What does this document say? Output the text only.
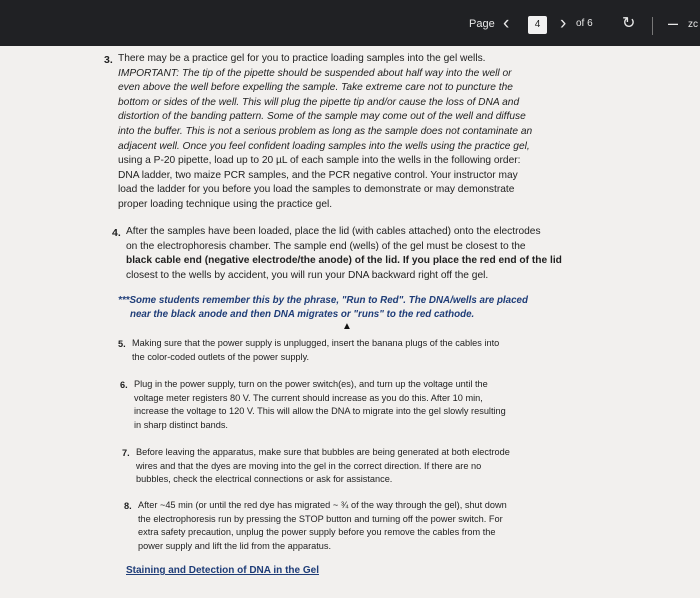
Page ‹	4	› of 6 ↻ – zc
3. There may be a practice gel for you to practice loading samples into the gel wells.
IMPORTANT: The tip of the pipette should be suspended about half way into the well or
even above the well before expelling the sample. Take extreme care not to puncture the
bottom or sides of the well. This will plug the pipette tip and/or cause the loss of DNA and
distortion of the banding pattern. Some of the sample may come out of the well and diffuse
into the buffer. This is not a serious problem as long as the sample does not contaminate an
adjacent well. Once you feel confident loading samples into the wells using the practice gel,
using a P-20 pipette, load up to 20 µL of each sample into the wells in the following order:
DNA ladder, two maize PCR samples, and the PCR negative control. Your instructor may
load the ladder for you before you load the samples to demonstrate or may demonstrate
proper loading technique using the practice gel.
4. After the samples have been loaded, place the lid (with cables attached) onto the electrodes
on the electrophoresis chamber. The sample end (wells) of the gel must be closest to the
black cable end (negative electrode/the anode) of the lid. If you place the red end of the lid
closest to the wells by accident, you will run your DNA backward right off the gel.
***Some students remember this by the phrase, "Run to Red". The DNA/wells are placed
near the black anode and then DNA migrates or "runs" to the red cathode.
▲
5. Making sure that the power supply is unplugged, insert the banana plugs of the cables into
the color-coded outlets of the power supply.
6. Plug in the power supply, turn on the power switch(es), and turn up the voltage until the
voltage meter registers 80 V. The current should increase as you do this. After 10 min,
increase the voltage to 120 V. This will allow the DNA to migrate into the gel slowly resulting
in sharp distinct bands.
7. Before leaving the apparatus, make sure that bubbles are being generated at both electrode
wires and that the dyes are moving into the gel in the correct direction. If there are no
bubbles, check the electrical connections or ask for assistance.
8. After ~45 min (or until the red dye has migrated ~ ¾ of the way through the gel), shut down
the electrophoresis run by pressing the STOP button and turning off the power switch. For
extra safety precaution, unplug the power supply before you remove the cables from the
power supply and lift the lid from the apparatus.
Staining and Detection of DNA in the Gel
